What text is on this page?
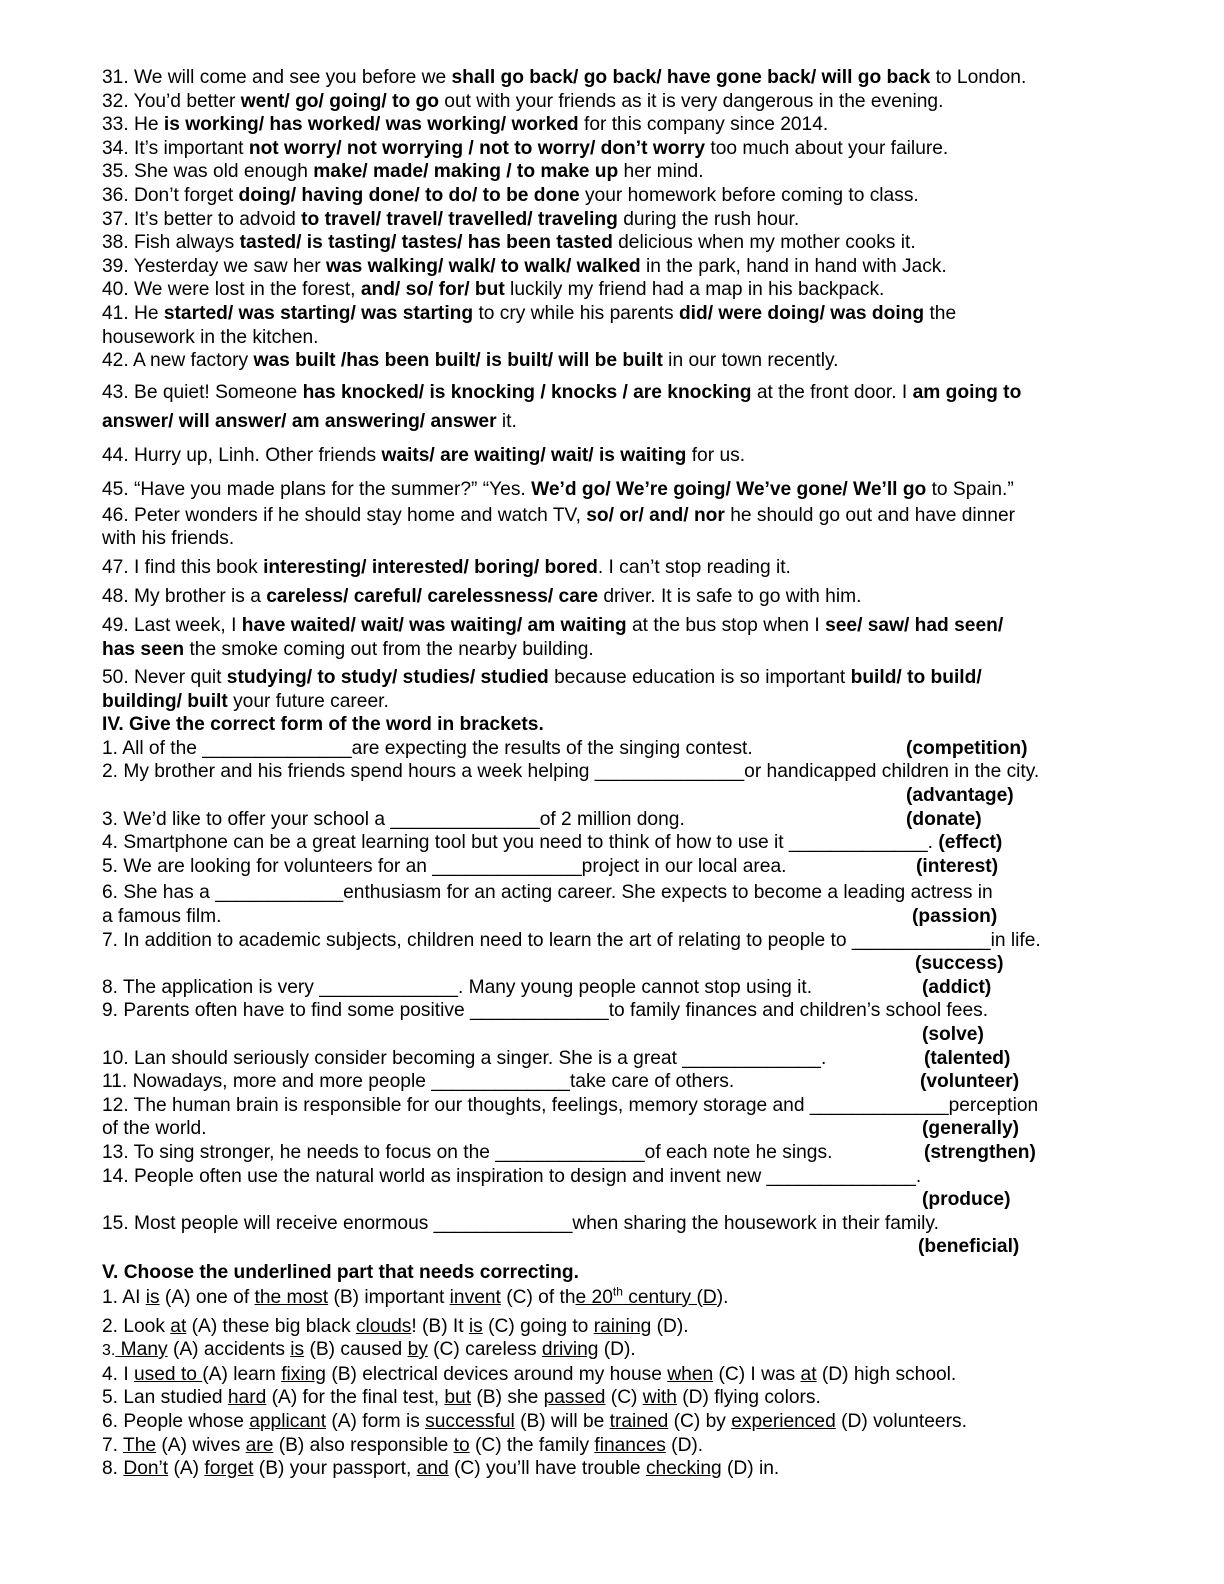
31. We will come and see you before we shall go back/ go back/ have gone back/ will go back to London.
32. You’d better went/ go/ going/ to go out with your friends as it is very dangerous in the evening.
33. He is working/ has worked/ was working/ worked for this company since 2014.
34. It’s important not worry/ not worrying / not to worry/ don’t worry too much about your failure.
35. She was old enough make/ made/ making / to make up her mind.
36. Don’t forget doing/ having done/ to do/ to be done your homework before coming to class.
37. It’s better to advoid to travel/ travel/ travelled/ traveling during the rush hour.
38. Fish always tasted/ is tasting/ tastes/ has been tasted delicious when my mother cooks it.
39. Yesterday we saw her was walking/ walk/ to walk/ walked in the park, hand in hand with Jack.
40. We were lost in the forest, and/ so/ for/ but luckily my friend had a map in his backpack.
41. He started/ was starting/ was starting to cry while his parents did/ were doing/ was doing the
housework in the kitchen.
42. A new factory was built /has been built/ is built/ will be built in our town recently.
43. Be quiet! Someone has knocked/ is knocking / knocks / are knocking at the front door. I am going to
answer/ will answer/ am answering/ answer it.
44. Hurry up, Linh. Other friends waits/ are waiting/ wait/ is waiting for us.
45. “Have you made plans for the summer?” “Yes. We’d go/ We’re going/ We’ve gone/ We’ll go to Spain.”
46. Peter wonders if he should stay home and watch TV, so/ or/ and/ nor he should go out and have dinner
with his friends.
47. I find this book interesting/ interested/ boring/ bored. I can’t stop reading it.
48. My brother is a careless/ careful/ carelessness/ care driver. It is safe to go with him.
49. Last week, I have waited/ wait/ was waiting/ am waiting at the bus stop when I see/ saw/ had seen/
has seen the smoke coming out from the nearby building.
50. Never quit studying/ to study/ studies/ studied because education is so important build/ to build/
building/ built your future career.
IV. Give the correct form of the word in brackets.
1. All of the ______________are expecting the results of the singing contest.	(competition)
2. My brother and his friends spend hours a week helping ______________or handicapped children in the city.
(advantage)
3. We’d like to offer your school a ______________of 2 million dong.	(donate)
4. Smartphone can be a great learning tool but you need to think of how to use it _____________. (effect)
5. We are looking for volunteers for an ______________project in our local area.	(interest)
6. She has a ____________enthusiasm for an acting career. She expects to become a leading actress in
a famous film.	(passion)
7. In addition to academic subjects, children need to learn the art of relating to people to _____________in life.
(success)
8. The application is very _____________. Many young people cannot stop using it.	(addict)
9. Parents often have to find some positive _____________to family finances and children’s school fees.
(solve)
10. Lan should seriously consider becoming a singer. She is a great _____________.	(talented)
11. Nowadays, more and more people _____________take care of others.	(volunteer)
12. The human brain is responsible for our thoughts, feelings, memory storage and _____________perception
of the world.	(generally)
13. To sing stronger, he needs to focus on the ______________of each note he sings.	(strengthen)
14. People often use the natural world as inspiration to design and invent new ______________.
(produce)
15. Most people will receive enormous _____________when sharing the housework in their family.
(beneficial)
V. Choose the underlined part that needs correcting.
1. AI is (A) one of the most (B) important invent (C) of the 20th century (D).
2. Look at (A) these big black clouds! (B) It is (C) going to raining (D).
3. Many (A) accidents is (B) caused by (C) careless driving (D).
4. I used to (A) learn fixing (B) electrical devices around my house when (C) I was at (D) high school.
5. Lan studied hard (A) for the final test, but (B) she passed (C) with (D) flying colors.
6. People whose applicant (A) form is successful (B) will be trained (C) by experienced (D) volunteers.
7. The (A) wives are (B) also responsible to (C) the family finances (D).
8. Don’t (A) forget (B) your passport, and (C) you’ll have trouble checking (D) in.
